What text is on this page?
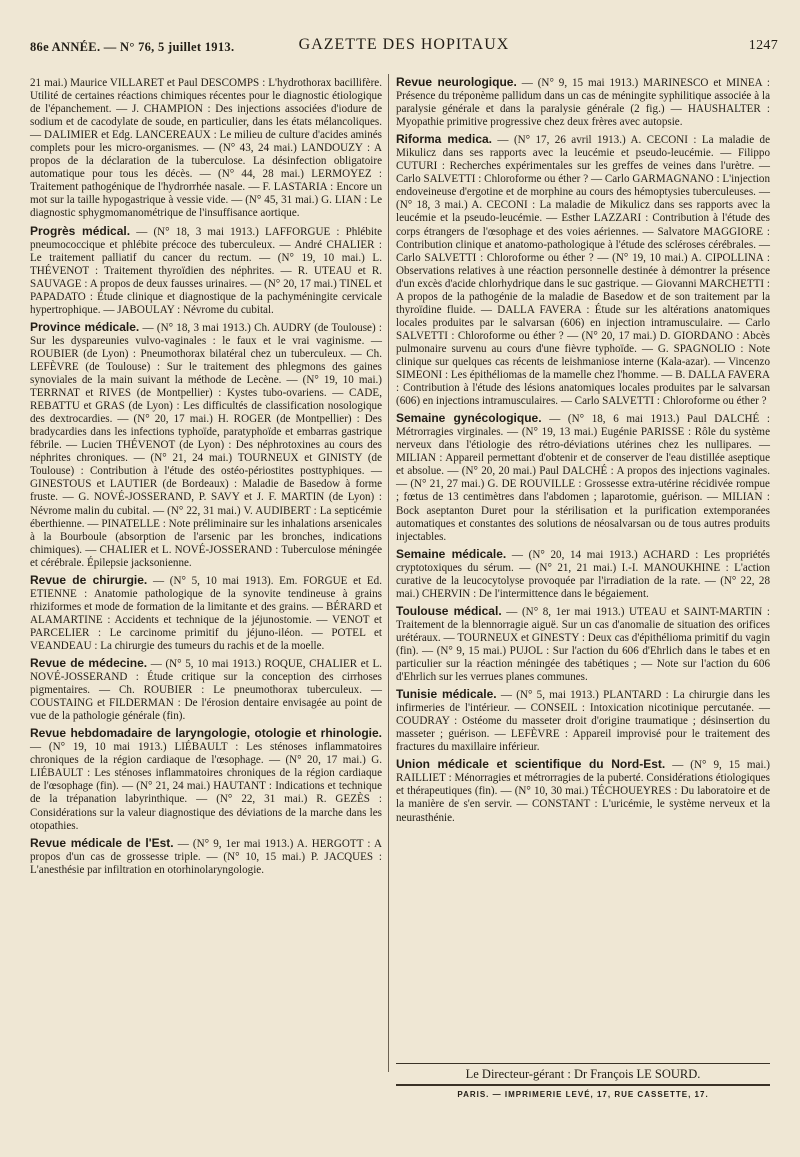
86e ANNÉE. — N° 76, 5 juillet 1913.	GAZETTE DES HOPITAUX	1247

21 mai.) Maurice VILLARET et Paul DESCOMPS : L'hydrothorax bacillifère. Utilité de certaines réactions chimiques récentes pour le diagnostic étiologique de l'épanchement. — J. CHAMPION : Des injections associées d'iodure de sodium et de cacodylate de soude, en particulier, dans les états mélancoliques. — DALIMIER et Edg. LANCEREAUX : Le milieu de culture d'acides aminés complets pour les micro-organismes. — (N° 43, 24 mai.) LANDOUZY : A propos de la déclaration de la tuberculose. La désinfection obligatoire automatique pour tous les décès. — (N° 44, 28 mai.) LERMOYEZ : Traitement pathogénique de l'hydrorrhée nasale. — F. LASTARIA : Encore un mot sur la taille hypogastrique à vessie vide. — (N° 45, 31 mai.) G. LIAN : Le diagnostic sphygmomanométrique de l'insuffisance aortique.

Progrès médical. — (N° 18, 3 mai 1913.) LAFFORGUE : Phlébite pneumococcique et phlébite précoce des tuberculeux. — André CHALIER : Le traitement palliatif du cancer du rectum. — (N° 19, 10 mai.) L. THÉVENOT : Traitement thyroïdien des néphrites. — R. UTEAU et R. SAUVAGE : A propos de deux fausses urinaires. — (N° 20, 17 mai.) TINEL et PAPADATO : Étude clinique et diagnostique de la pachyméningite cervicale hypertrophique. — JABOULAY : Névrome du cubital.

Province médicale. — (N° 18, 3 mai 1913.) Ch. AUDRY (de Toulouse) : Sur les dyspareunies vulvo-vaginales : le faux et le vrai vaginisme. — ROUBIER (de Lyon) : Pneumothorax bilatéral chez un tuberculeux. — Ch. LEFÈVRE (de Toulouse) : Sur le traitement des phlegmons des gaines synoviales de la main suivant la méthode de Lecène. — (N° 19, 10 mai.) TERRNAT et RIVES (de Montpellier) : Kystes tubo-ovariens. — CADE, REBATTU et GRAS (de Lyon) : Les difficultés de classification nosologique des dextrocardies. — (N° 20, 17 mai.) H. ROGER (de Montpellier) : Des bradycardies dans les infections typhoïde, paratyphoïde et embarras gastrique fébrile. — Lucien THÉVENOT (de Lyon) : Des néphrotoxines au cours des néphrites chroniques. — (N° 21, 24 mai.) TOURNEUX et GINISTY (de Toulouse) : Contribution à l'étude des ostéo-périostites posttyphiques. — GINESTOUS et LAUTIER (de Bordeaux) : Maladie de Basedow à forme fruste. — G. NOVÉ-JOSSERAND, P. SAVY et J. F. MARTIN (de Lyon) : Névrome malin du cubital. — (N° 22, 31 mai.) V. AUDIBERT : La septicémie éberthienne. — PINATELLE : Note préliminaire sur les inhalations arsenicales à la Bourboule (absorption de l'arsenic par les bronches, indications chimiques). — CHALIER et L. NOVÉ-JOSSERAND : Tuberculose méningée et cérébrale. Épilepsie jacksonienne.

Revue de chirurgie. — (N° 5, 10 mai 1913). Em. FORGUE et Ed. ETIENNE : Anatomie pathologique de la synovite tendineuse à grains rhiziformes et mode de formation de la limitante et des grains. — BÉRARD et ALAMARTINE : Accidents et technique de la jéjunostomie. — VENOT et PARCELIER : Le carcinome primitif du jéjuno-iléon. — POTEL et VEANDEAU : La chirurgie des tumeurs du rachis et de la moelle.

Revue de médecine. — (N° 5, 10 mai 1913.) ROQUE, CHALIER et L. NOVÉ-JOSSERAND : Étude critique sur la conception des cirrhoses pigmentaires. — Ch. ROUBIER : Le pneumothorax tuberculeux. — COUSTAING et FILDERMAN : De l'érosion dentaire envisagée au point de vue de la pathologie générale (fin).

Revue hebdomadaire de laryngologie, otologie et rhinologie. — (N° 19, 10 mai 1913.) LIÉBAULT : Les sténoses inflammatoires chroniques de la région cardiaque de l'œsophage. — (N° 20, 17 mai.) G. LIÉBAULT : Les sténoses inflammatoires chroniques de la région cardiaque de l'œsophage (fin). — (N° 21, 24 mai.) HAUTANT : Indications et technique de la trépanation labyrinthique. — (N° 22, 31 mai.) R. GEZÈS : Considérations sur la valeur diagnostique des déviations de la marche dans les otopathies.

Revue médicale de l'Est. — (N° 9, 1er mai 1913.) A. HERGOTT : A propos d'un cas de grossesse triple. — (N° 10, 15 mai.) P. JACQUES : L'anesthésie par infiltration en otorhinolaryngologie.

Revue neurologique. — (N° 9, 15 mai 1913.) MARINESCO et MINEA : Présence du tréponème pallidum dans un cas de méningite syphilitique associée à la paralysie générale et dans la paralysie générale (2 fig.) — HAUSHALTER : Myopathie primitive progressive chez deux frères avec autopsie.

Riforma medica. — (N° 17, 26 avril 1913.) A. CECONI : La maladie de Mikulicz dans ses rapports avec la leucémie et pseudo-leucémie. — Filippo CUTURI : Recherches expérimentales sur les greffes de veines dans l'urètre. — Carlo SALVETTI : Chloroforme ou éther ? — Carlo GARMAGNANO : L'injection endoveineuse d'ergotine et de morphine au cours des hémoptysies tuberculeuses. — (N° 18, 3 mai.) A. CECONI : La maladie de Mikulicz dans ses rapports avec la leucémie et la pseudo-leucémie. — Esther LAZZARI : Contribution à l'étude des corps étrangers de l'œsophage et des voies aériennes. — Salvatore MAGGIORE : Contribution clinique et anatomo-pathologique à l'étude des scléroses cérébrales. — Carlo SALVETTI : Chloroforme ou éther ? — (N° 19, 10 mai.) A. CIPOLLINA : Observations relatives à une réaction personnelle destinée à démontrer la présence d'un excès d'acide chlorhydrique dans le suc gastrique. — Giovanni MARCHETTI : A propos de la pathogénie de la maladie de Basedow et de son traitement par la thyroïdine fluide. — DALLA FAVERA : Étude sur les altérations anatomiques locales produites par le salvarsan (606) en injection intramusculaire. — Carlo SALVETTI : Chloroforme ou éther ? — (N° 20, 17 mai.) D. GIORDANO : Abcès pulmonaire survenu au cours d'une fièvre typhoïde. — G. SPAGNOLIO : Note clinique sur quelques cas récents de leishmaniose interne (Kala-azar). — Vincenzo SIMEONI : Les épithéliomas de la mamelle chez l'homme. — B. DALLA FAVERA : Contribution à l'étude des lésions anatomiques locales produites par le salvarsan (606) en injections intramusculaires. — Carlo SALVETTI : Chloroforme ou éther ?

Semaine gynécologique. — (N° 18, 6 mai 1913.) Paul DALCHÉ : Métrorragies virginales. — (N° 19, 13 mai.) Eugénie PARISSE : Rôle du système nerveux dans l'étiologie des rétro-déviations utérines chez les nullipares. — MILIAN : Appareil permettant d'obtenir et de conserver de l'eau distillée aseptique et absolue. — (N° 20, 20 mai.) Paul DALCHÉ : A propos des injections vaginales. — (N° 21, 27 mai.) G. DE ROUVILLE : Grossesse extra-utérine récidivée rompue ; fœtus de 13 centimètres dans l'abdomen ; laparotomie, guérison. — MILIAN : Bock aseptanton Duret pour la stérilisation et la purification extemporanées automatiques et constantes des solutions de néosalvarsan ou de tous autres produits injectables.

Semaine médicale. — (N° 20, 14 mai 1913.) ACHARD : Les propriétés cryptotoxiques du sérum. — (N° 21, 21 mai.) I.-I. MANOUKHINE : L'action curative de la leucocytolyse provoquée par l'irradiation de la rate. — (N° 22, 28 mai.) CHERVIN : De l'intermittence dans le bégaiement.

Toulouse médical. — (N° 8, 1er mai 1913.) UTEAU et SAINT-MARTIN : Traitement de la blennorragie aiguë. Sur un cas d'anomalie de situation des orifices urétéraux. — TOURNEUX et GINESTY : Deux cas d'épithélioma primitif du vagin (fin). — (N° 9, 15 mai.) PUJOL : Sur l'action du 606 d'Ehrlich dans le tabes et en particulier sur la réaction méningée des tabétiques ; — Note sur l'action du 606 d'Ehrlich sur les verrues planes communes.

Tunisie médicale. — (N° 5, mai 1913.) PLANTARD : La chirurgie dans les infirmeries de l'intérieur. — CONSEIL : Intoxication nicotinique percutanée. — COUDRAY : Ostéome du masseter droit d'origine traumatique ; désinsertion du masseter ; guérison. — LEFÈVRE : Appareil improvisé pour le traitement des fractures du maxillaire inférieur.

Union médicale et scientifique du Nord-Est. — (N° 9, 15 mai.) RAILLIET : Ménorragies et métrorragies de la puberté. Considérations étiologiques et thérapeutiques (fin). — (N° 10, 30 mai.) TÉCHOUEYRES : Du laboratoire et de la manière de s'en servir. — CONSTANT : L'uricémie, le système nerveux et la neurasthénie.

Le Directeur-gérant : Dr François LE SOURD.
PARIS. — IMPRIMERIE LEVÉ, 17, RUE CASSETTE, 17.
